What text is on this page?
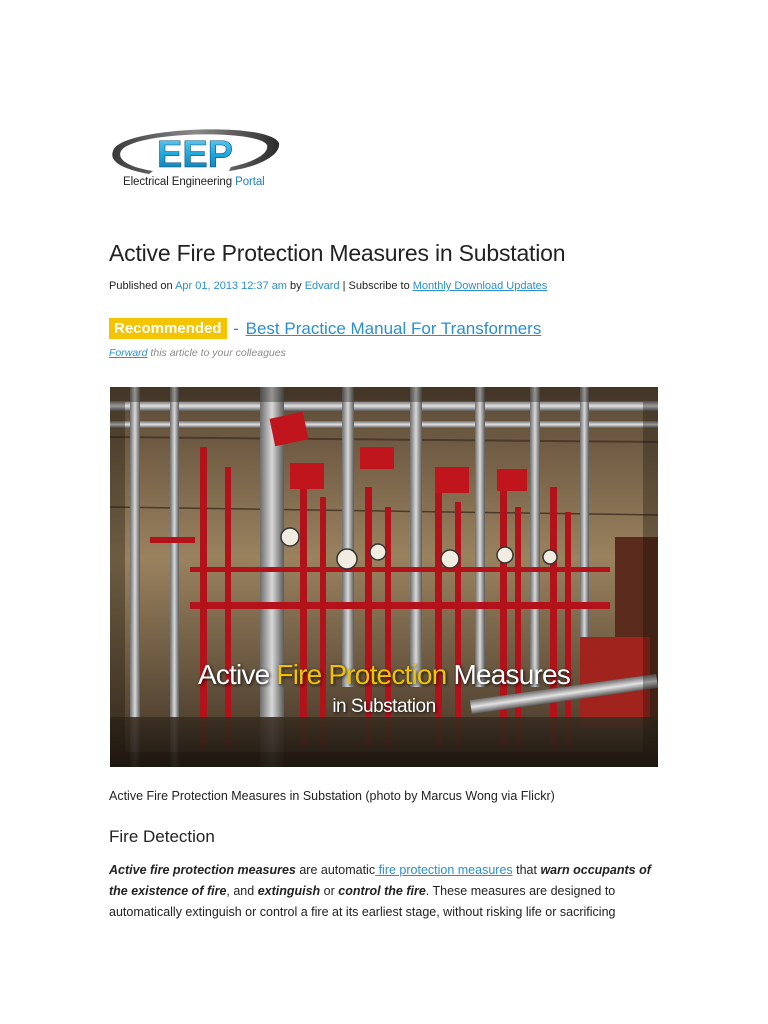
EEP
Electrical Engineering Portal
Active Fire Protection Measures in Substation
Published on Apr 01, 2013 12:37 am by Edvard | Subscribe to Monthly Download Updates
Recommended - Best Practice Manual For Transformers
Forward this article to your colleagues
Active Fire Protection Measures
in Substation
Active Fire Protection Measures in Substation (photo by Marcus Wong via Flickr)
Fire Detection

Active fire protection measures are automatic fire protection measures that warn occupants of the existence of fire, and extinguish or control the fire. These measures are designed to automatically extinguish or control a fire at its earliest stage, without risking life or sacrificing
